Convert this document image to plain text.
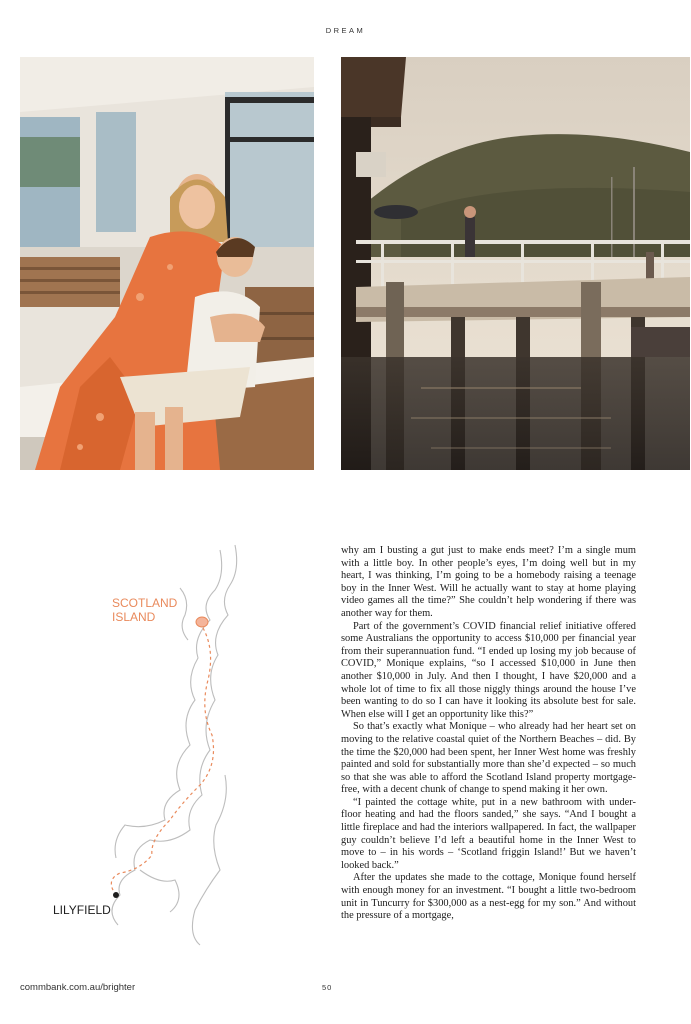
DREAM
SCOTLAND ISLAND
LILYFIELD

why am I busting a gut just to make ends meet? I’m a single mum with a little boy. In other people’s eyes, I’m doing well but in my heart, I was thinking, I’m going to be a homebody raising a teenage boy in the Inner West. Will he actually want to stay at home playing video games all the time?” She couldn’t help wondering if there was another way for them.

Part of the government’s COVID financial relief initiative offered some Australians the opportunity to access $10,000 per financial year from their superannuation fund. “I ended up losing my job because of COVID,” Monique explains, “so I accessed $10,000 in June then another $10,000 in July. And then I thought, I have $20,000 and a whole lot of time to fix all those niggly things around the house I’ve been wanting to do so I can have it looking its absolute best for sale. When else will I get an opportunity like this?”

So that’s exactly what Monique – who already had her heart set on moving to the relative coastal quiet of the Northern Beaches – did. By the time the $20,000 had been spent, her Inner West home was freshly painted and sold for substantially more than she’d expected – so much so that she was able to afford the Scotland Island property mortgage-free, with a decent chunk of change to spend making it her own.

“I painted the cottage white, put in a new bathroom with under-floor heating and had the floors sanded,” she says. “And I bought a little fireplace and had the interiors wallpapered. In fact, the wallpaper guy couldn’t believe I’d left a beautiful home in the Inner West to move to – in his words – ‘Scotland friggin Island!’ But we haven’t looked back.”

After the updates she made to the cottage, Monique found herself with enough money for an investment. “I bought a little two-bedroom unit in Tuncurry for $300,000 as a nest-egg for my son.” And without the pressure of a mortgage,

commbank.com.au/brighter	50
